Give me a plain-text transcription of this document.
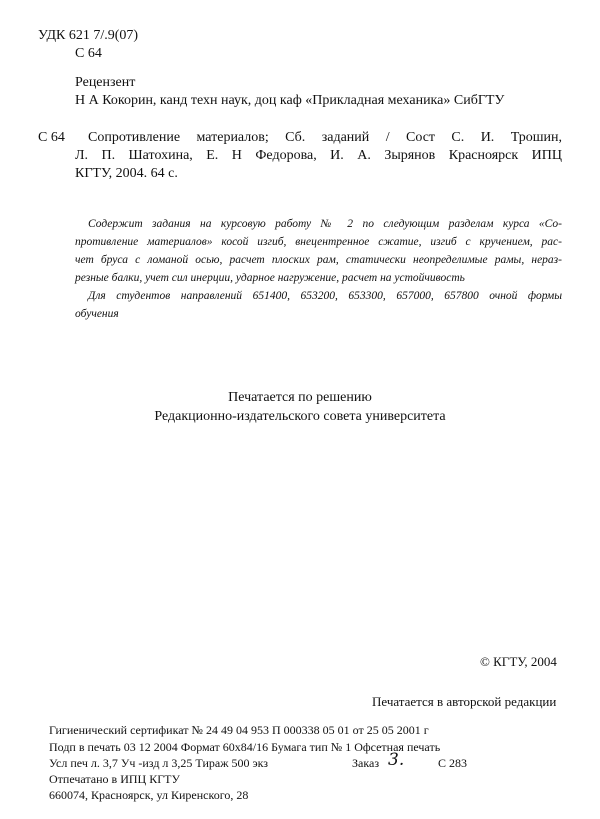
УДК 621 7/.9(07)
С 64
Рецензент
Н А Кокорин, канд техн наук, доц каф «Прикладная механика» СибГТУ
С 64 Сопротивление материалов; Сб. заданий / Сост С. И. Трошин,
Л. П. Шатохина, Е. Н Федорова, И. А. Зырянов Красноярск ИПЦ
КГТУ, 2004. 64 с.
Содержит задания на курсовую работу № 2 по следующим разделам курса «Со-
противление материалов» косой изгиб, внецентренное сжатие, изгиб с кручением, рас-
чет бруса с ломаной осью, расчет плоских рам, статически неопределимые рамы, нераз-
резные балки, учет сил инерции, ударное нагружение, расчет на устойчивость
Для студентов направлений 651400, 653200, 653300, 657000, 657800 очной формы
обучения
Печатается по решению
Редакционно-издательского совета университета
© КГТУ, 2004
Печатается в авторской редакции
Гигиенический сертификат № 24 49 04 953 П 000338 05 01 от 25 05 2001 г
Подп в печать 03 12 2004 Формат 60х84/16 Бумага тип № 1 Офсетная печать
Усл печ л. 3,7 Уч -изд л 3,25 Тираж 500 экз	Заказ 3.	С 283
Отпечатано в ИПЦ КГТУ
660074, Красноярск, ул Киренского, 28
